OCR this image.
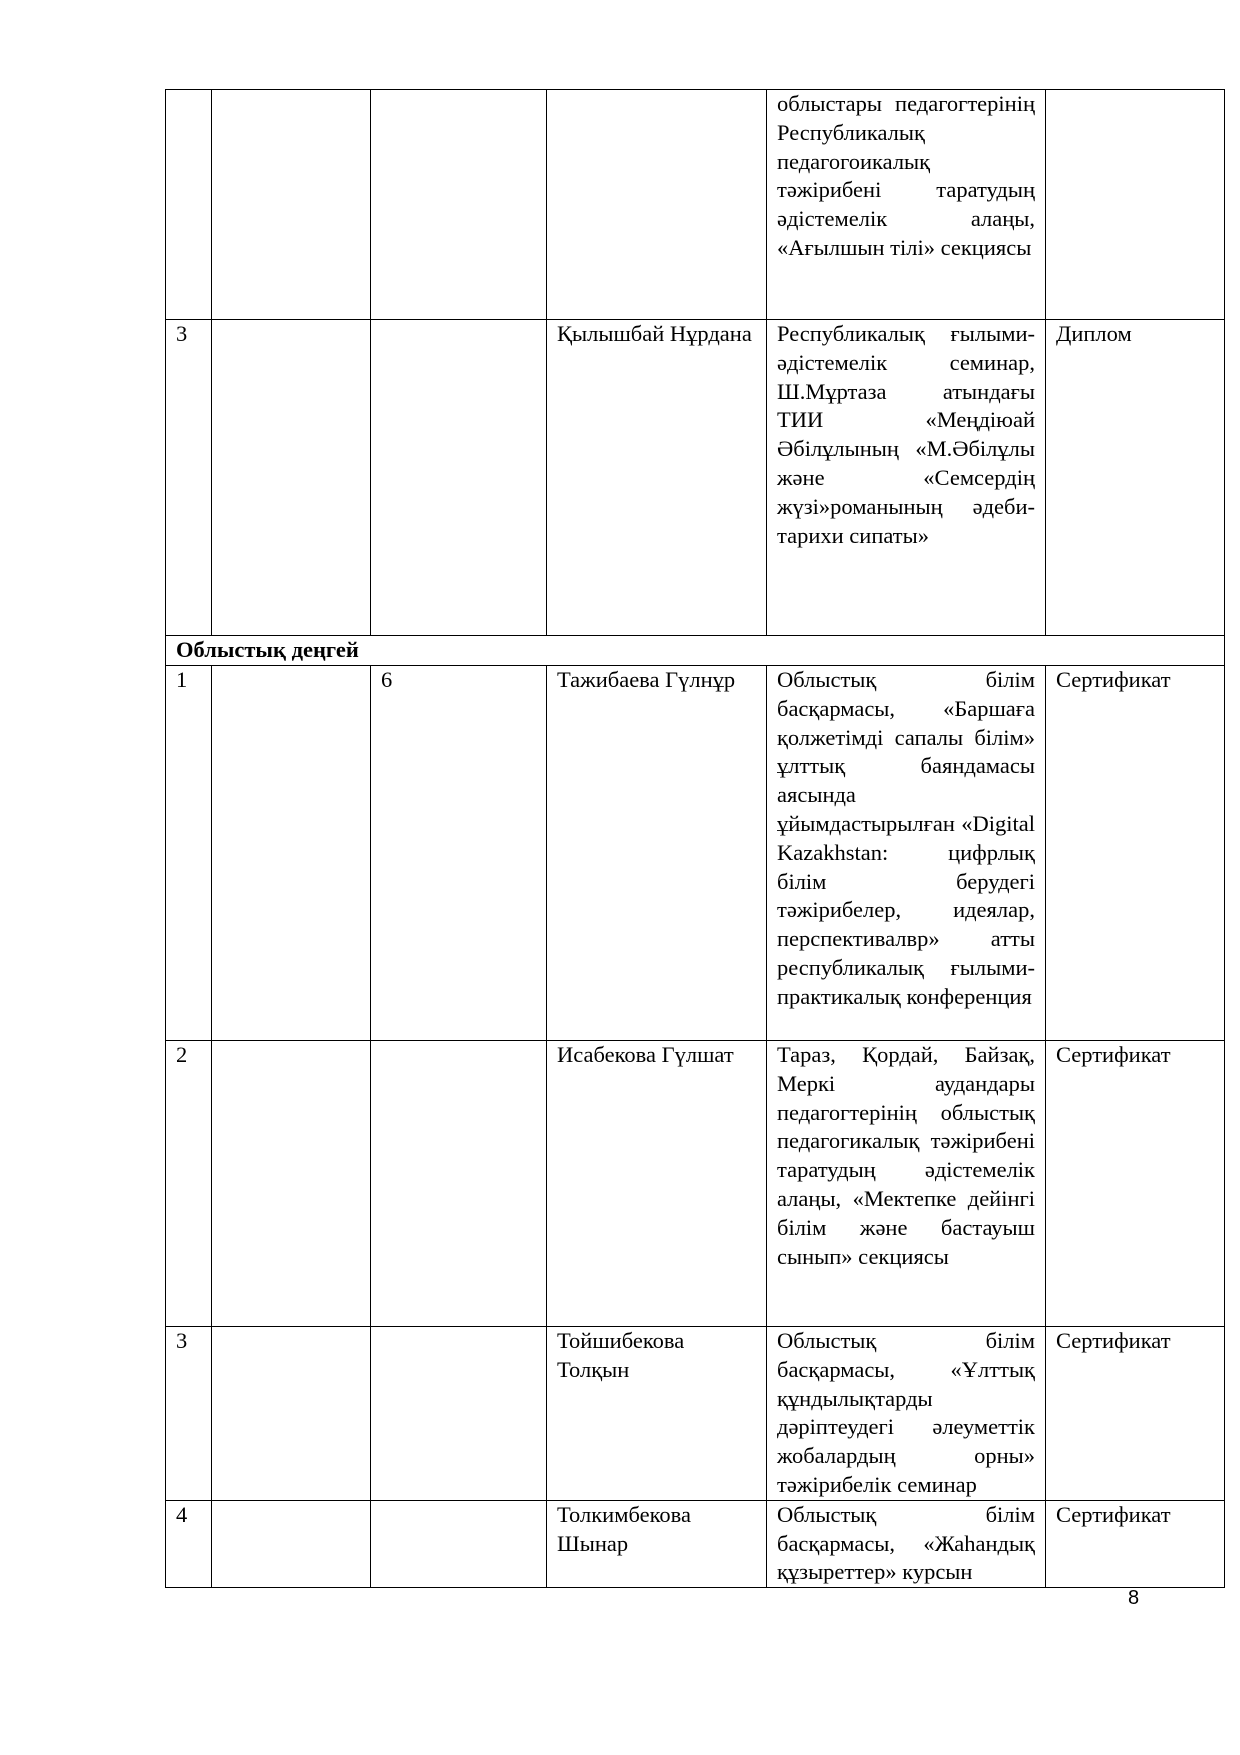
				облыстары педагогтерінің Республикалық педагогоикалық тәжірибені таратудың әдістемелік алаңы, «Ағылшын тілі» секциясы	
3			Қылышбай Нұрдана	Республикалық ғылыми-әдістемелік семинар, Ш.Мұртаза атындағы ТИИ «Меңдіюай Әбілұлының «М.Әбілұлы және «Семсердің жүзі»романының әдеби-тарихи сипаты»	Диплом
Облыстық деңгей					
1		6	Тажибаева Гүлнұр	Облыстық білім басқармасы, «Баршаға қолжетімді сапалы білім» ұлттық баяндамасы аясында ұйымдастырылған «Digital Kazakhstan: цифрлық білім берудегі тәжірибелер, идеялар, перспективалвр» атты республикалық ғылыми-практикалық конференция	Сертификат
2			Исабекова Гүлшат	Тараз, Қордай, Байзақ, Меркі аудандары педагогтерінің облыстық педагогикалық тәжірибені таратудың әдістемелік алаңы, «Мектепке дейінгі білім және бастауыш сынып» секциясы	Сертификат
3			Тойшибекова Толқын	Облыстық білім басқармасы, «Ұлттық құндылықтарды дәріптеудегі әлеуметтік жобалардың орны» тәжірибелік семинар	Сертификат
4			Толкимбекова Шынар	Облыстық білім басқармасы, «Жаһандық құзыреттер» курсын	Сертификат
8
